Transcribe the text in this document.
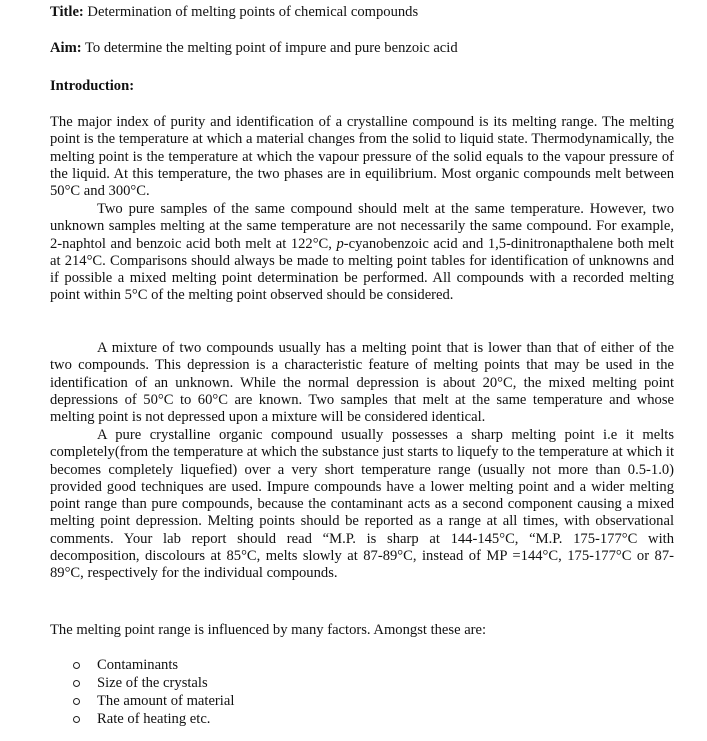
Title: Determination of melting points of chemical compounds
Aim: To determine the melting point of impure and pure benzoic acid
Introduction:

The major index of purity and identification of a crystalline compound is its melting range. The melting point is the temperature at which a material changes from the solid to liquid state. Thermodynamically, the melting point is the temperature at which the vapour pressure of the solid equals to the vapour pressure of the liquid. At this temperature, the two phases are in equilibrium. Most organic compounds melt between 50°C and 300°C.

Two pure samples of the same compound should melt at the same temperature. However, two unknown samples melting at the same temperature are not necessarily the same compound. For example, 2-naphtol and benzoic acid both melt at 122°C, p-cyanobenzoic acid and 1,5-dinitronapthalene both melt at 214°C. Comparisons should always be made to melting point tables for identification of unknowns and if possible a mixed melting point determination be performed. All compounds with a recorded melting point within 5°C of the melting point observed should be considered.

A mixture of two compounds usually has a melting point that is lower than that of either of the two compounds. This depression is a characteristic feature of melting points that may be used in the identification of an unknown. While the normal depression is about 20°C, the mixed melting point depressions of 50°C to 60°C are known. Two samples that melt at the same temperature and whose melting point is not depressed upon a mixture will be considered identical.

A pure crystalline organic compound usually possesses a sharp melting point i.e it melts completely(from the temperature at which the substance just starts to liquefy to the temperature at which it becomes completely liquefied) over a very short temperature range (usually not more than 0.5-1.0) provided good techniques are used. Impure compounds have a lower melting point and a wider melting point range than pure compounds, because the contaminant acts as a second component causing a mixed melting point depression. Melting points should be reported as a range at all times, with observational comments. Your lab report should read “M.P. is sharp at 144-145°C, “M.P. 175-177°C with decomposition, discolours at 85°C, melts slowly at 87-89°C, instead of MP =144°C, 175-177°C or 87-89°C, respectively for the individual compounds.

The melting point range is influenced by many factors. Amongst these are:
Contaminants
Size of the crystals
The amount of material
Rate of heating etc.
